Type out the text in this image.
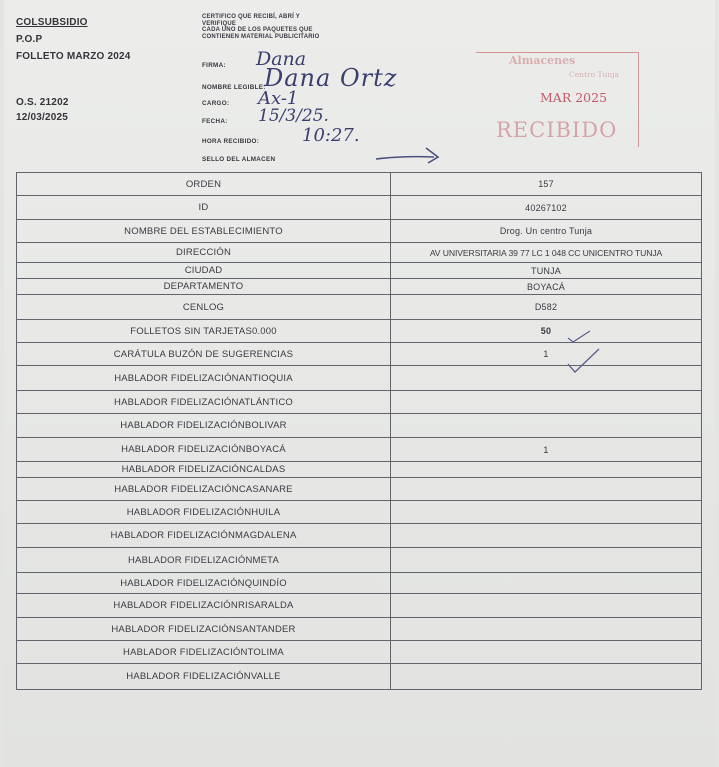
COLSUBSIDIO
P.O.P
FOLLETO MARZO 2024
O.S. 21202
12/03/2025
CERTIFICO QUE RECIBÍ, ABRÍ Y
VERIFIQUE
CADA UNO DE LOS PAQUETES QUE
CONTIENEN MATERIAL PUBLICITARIO
FIRMA: Dana
NOMBRE LEGIBLE:
Dana Ortz
CARGO: Ax-1
FECHA: 15/3/25.
HORA RECIBIDO: 10:27.
SELLO DEL ALMACEN
Almacenes
Centro Tunja
MAR 2025
RECIBIDO
ORDEN	157
ID	40267102
NOMBRE DEL ESTABLECIMIENTO	Drog. Un centro Tunja
DIRECCIÓN	AV UNIVERSITARIA 39 77 LC 1 048 CC UNICENTRO TUNJA
CIUDAD	TUNJA
DEPARTAMENTO	BOYACÁ
CENLOG	D582
FOLLETOS SIN TARJETAS0.000	50
CARÁTULA BUZÓN DE SUGERENCIAS	1
HABLADOR FIDELIZACIÓNANTIOQUIA	
HABLADOR FIDELIZACIÓNATLÁNTICO	
HABLADOR FIDELIZACIÓNBOLIVAR	
HABLADOR FIDELIZACIÓNBOYACÁ	1
HABLADOR FIDELIZACIÓNCALDAS	
HABLADOR FIDELIZACIÓNCASANARE	
HABLADOR FIDELIZACIÓNHUILA	
HABLADOR FIDELIZACIÓNMAGDALENA	
HABLADOR FIDELIZACIÓNMETA	
HABLADOR FIDELIZACIÓNQUINDÍO	
HABLADOR FIDELIZACIÓNRISARALDA	
HABLADOR FIDELIZACIÓNSANTANDER	
HABLADOR FIDELIZACIÓNTOLIMA	
HABLADOR FIDELIZACIÓNVALLE	
